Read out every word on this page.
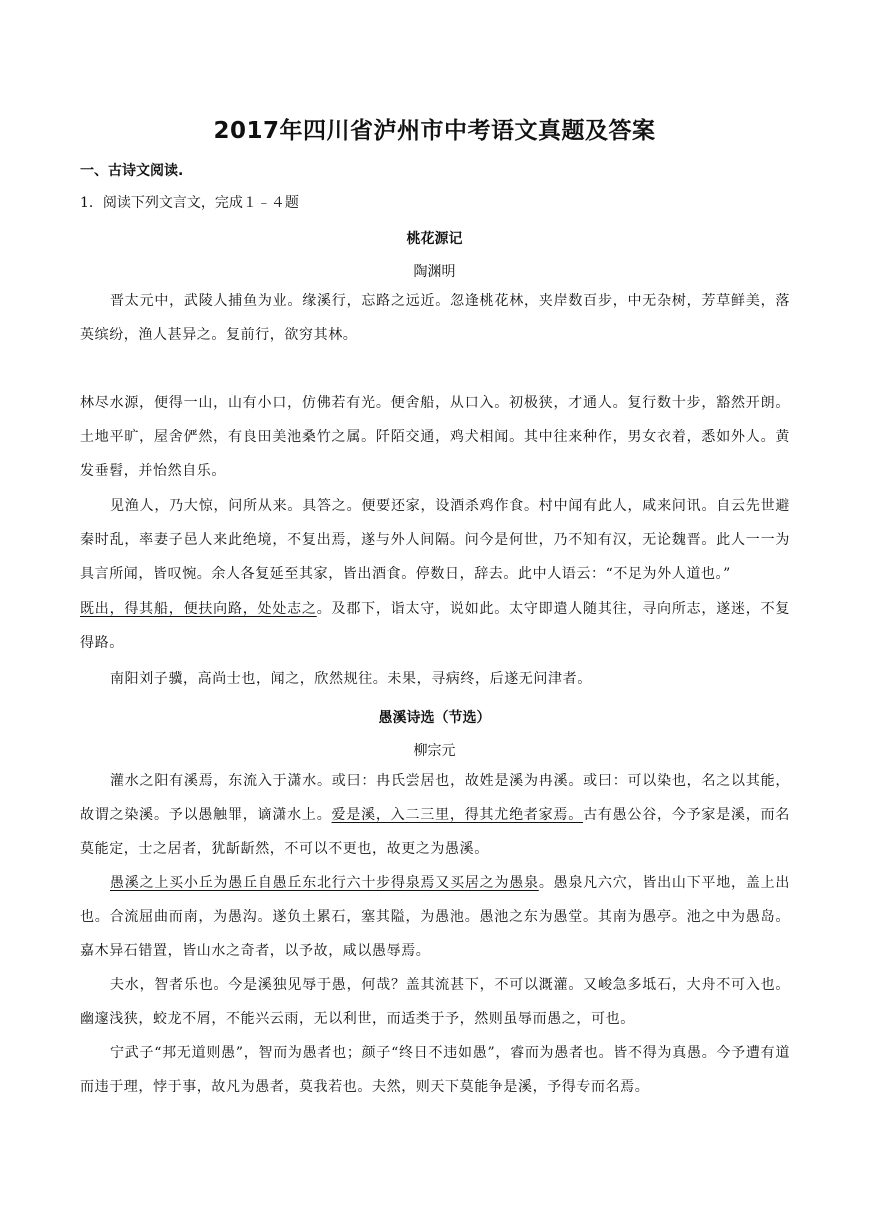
2017年四川省泸州市中考语文真题及答案
一、古诗文阅读.
1．阅读下列文言文，完成１﹣４题
桃花源记
陶渊明

晋太元中，武陵人捕鱼为业。缘溪行，忘路之远近。忽逢桃花林，夹岸数百步，中无杂树，芳草鲜美，落英缤纷，渔人甚异之。复前行，欲穷其林。

林尽水源，便得一山，山有小口，仿佛若有光。便舍船，从口入。初极狭，才通人。复行数十步，豁然开朗。土地平旷，屋舍俨然，有良田美池桑竹之属。阡陌交通，鸡犬相闻。其中往来种作，男女衣着，悉如外人。黄发垂髫，并怡然自乐。

见渔人，乃大惊，问所从来。具答之。便要还家，设酒杀鸡作食。村中闻有此人，咸来问讯。自云先世避秦时乱，率妻子邑人来此绝境，不复出焉，遂与外人间隔。问今是何世，乃不知有汉，无论魏晋。此人一一为具言所闻，皆叹惋。余人各复延至其家，皆出酒食。停数日，辞去。此中人语云：“不足为外人道也。”

既出，得其船，便扶向路，处处志之。及郡下，诣太守，说如此。太守即遣人随其往，寻向所志，遂迷，不复得路。

南阳刘子骥，高尚士也，闻之，欣然规往。未果，寻病终，后遂无问津者。

愚溪诗选（节选）
柳宗元

灌水之阳有溪焉，东流入于潇水。或曰：冉氏尝居也，故姓是溪为冉溪。或曰：可以染也，名之以其能，故谓之染溪。予以愚触罪，谪潇水上。爱是溪，入二三里，得其尤绝者家焉。古有愚公谷，今予家是溪，而名莫能定，士之居者，犹龂龂然，不可以不更也，故更之为愚溪。

愚溪之上买小丘为愚丘自愚丘东北行六十步得泉焉又买居之为愚泉。愚泉凡六穴，皆出山下平地，盖上出也。合流屈曲而南，为愚沟。遂负土累石，塞其隘，为愚池。愚池之东为愚堂。其南为愚亭。池之中为愚岛。嘉木异石错置，皆山水之奇者，以予故，咸以愚辱焉。

夫水，智者乐也。今是溪独见辱于愚，何哉？盖其流甚下，不可以溉灌。又峻急多坻石，大舟不可入也。幽邃浅狭，蛟龙不屑，不能兴云雨，无以利世，而适类于予，然则虽辱而愚之，可也。

宁武子“邦无道则愚”，智而为愚者也；颜子“终日不违如愚”，睿而为愚者也。皆不得为真愚。今予遭有道而违于理，悖于事，故凡为愚者，莫我若也。夫然，则天下莫能争是溪，予得专而名焉。
